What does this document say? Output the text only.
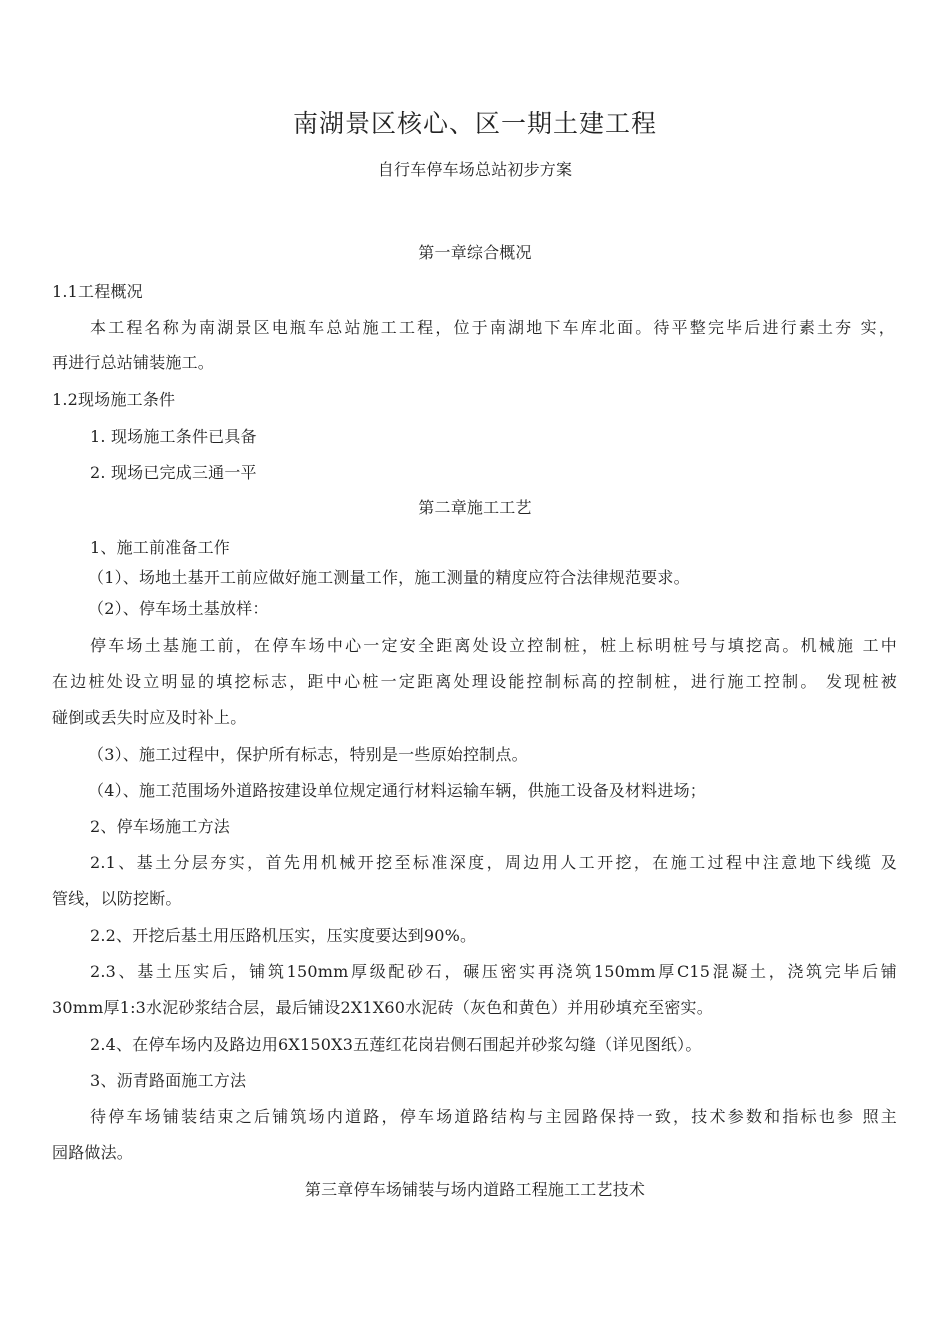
南湖景区核心、区一期土建工程
自行车停车场总站初步方案
第一章综合概况
1.1工程概况
本工程名称为南湖景区电瓶车总站施工工程，位于南湖地下车库北面。待平整完毕后进行素土夯 实，
再进行总站铺装施工。
1.2现场施工条件
1. 现场施工条件已具备
2. 现场已完成三通一平
第二章施工工艺
1、施工前准备工作
（1）、场地土基开工前应做好施工测量工作，施工测量的精度应符合法律规范要求。
（2）、停车场土基放样：
停车场土基施工前，在停车场中心一定安全距离处设立控制桩，桩上标明桩号与填挖高。机械施 工中
在边桩处设立明显的填挖标志，距中心桩一定距离处理设能控制标高的控制桩，进行施工控制。 发现桩被
碰倒或丢失时应及时补上。
（3）、施工过程中，保护所有标志，特别是一些原始控制点。
（4）、施工范围场外道路按建设单位规定通行材料运输车辆，供施工设备及材料进场；
2、停车场施工方法
2.1、基土分层夯实，首先用机械开挖至标准深度，周边用人工开挖，在施工过程中注意地下线缆 及
管线，以防挖断。
2.2、开挖后基土用压路机压实，压实度要达到90%。
2.3、基土压实后，铺筑150mm厚级配砂石，碾压密实再浇筑150mm厚C15混凝土，浇筑完毕后铺
30mm厚1:3水泥砂浆结合层，最后铺设2X1X60水泥砖（灰色和黄色）并用砂填充至密实。
2.4、在停车场内及路边用6X150X3五莲红花岗岩侧石围起并砂浆勾缝（详见图纸）。
3、沥青路面施工方法
待停车场铺装结束之后铺筑场内道路，停车场道路结构与主园路保持一致，技术参数和指标也参 照主
园路做法。
第三章停车场铺装与场内道路工程施工工艺技术
